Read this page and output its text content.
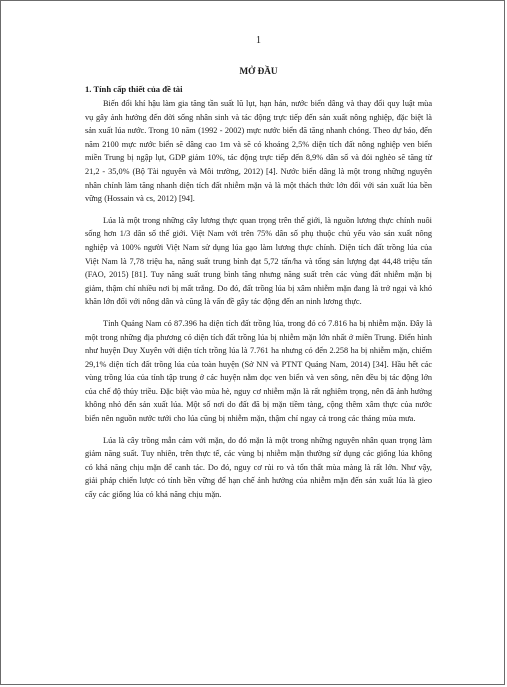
1
MỞ ĐẦU
1. Tính cấp thiết của đề tài

Biến đổi khí hậu làm gia tăng tần suất lũ lụt, hạn hán, nước biển dâng và thay đổi quy luật mùa vụ gây ảnh hưởng đến đời sống nhân sinh và tác động trực tiếp đến sản xuất nông nghiệp, đặc biệt là sản xuất lúa nước. Trong 10 năm (1992 - 2002) mực nước biển đã tăng nhanh chóng. Theo dự báo, đến năm 2100 mực nước biển sẽ dâng cao 1m và sẽ có khoảng 2,5% diện tích đất nông nghiệp ven biển miền Trung bị ngập lụt, GDP giảm 10%, tác động trực tiếp đến 8,9% dân số và đói nghèo sẽ tăng từ 21,2 - 35,0% (Bộ Tài nguyên và Môi trường, 2012) [4]. Nước biển dâng là một trong những nguyên nhân chính làm tăng nhanh diện tích đất nhiễm mặn và là một thách thức lớn đối với sản xuất lúa bền vững (Hossain và cs, 2012) [94].

Lúa là một trong những cây lương thực quan trọng trên thế giới, là nguồn lương thực chính nuôi sống hơn 1/3 dân số thế giới. Việt Nam với trên 75% dân số phụ thuộc chủ yếu vào sản xuất nông nghiệp và 100% người Việt Nam sử dụng lúa gạo làm lương thực chính. Diện tích đất trồng lúa của Việt Nam là 7,78 triệu ha, năng suất trung bình đạt 5,72 tấn/ha và tổng sản lượng đạt 44,48 triệu tấn (FAO, 2015) [81]. Tuy năng suất trung bình tăng nhưng năng suất trên các vùng đất nhiễm mặn bị giảm, thậm chí nhiều nơi bị mất trắng. Do đó, đất trồng lúa bị xâm nhiễm mặn đang là trở ngại và khó khăn lớn đối với nông dân và cũng là vấn đề gây tác động đến an ninh lương thực.

Tỉnh Quảng Nam có 87.396 ha diện tích đất trồng lúa, trong đó có 7.816 ha bị nhiễm mặn. Đây là một trong những địa phương có diện tích đất trồng lúa bị nhiễm mặn lớn nhất ở miền Trung. Điển hình như huyện Duy Xuyên với diện tích trồng lúa là 7.761 ha nhưng có đến 2.258 ha bị nhiễm mặn, chiếm 29,1% diện tích đất trồng lúa của toàn huyện (Sở NN và PTNT Quảng Nam, 2014) [34]. Hầu hết các vùng trồng lúa của tỉnh tập trung ở các huyện nằm dọc ven biển và ven sông, nên đều bị tác động lớn của chế độ thủy triều. Đặc biệt vào mùa hè, nguy cơ nhiễm mặn là rất nghiêm trọng, nên đã ảnh hưởng không nhỏ đến sản xuất lúa. Một số nơi do đất đã bị mặn tiềm tàng, cộng thêm xâm thực của nước biển nên nguồn nước tưới cho lúa cũng bị nhiễm mặn, thậm chí ngay cả trong các tháng mùa mưa.

Lúa là cây trồng mẫn cảm với mặn, do đó mặn là một trong những nguyên nhân quan trọng làm giảm năng suất. Tuy nhiên, trên thực tế, các vùng bị nhiễm mặn thường sử dụng các giống lúa không có khả năng chịu mặn để canh tác. Do đó, nguy cơ rủi ro và tổn thất mùa màng là rất lớn. Như vậy, giải pháp chiến lược có tính bền vững để hạn chế ảnh hưởng của nhiễm mặn đến sản xuất lúa là gieo cấy các giống lúa có khả năng chịu mặn.
